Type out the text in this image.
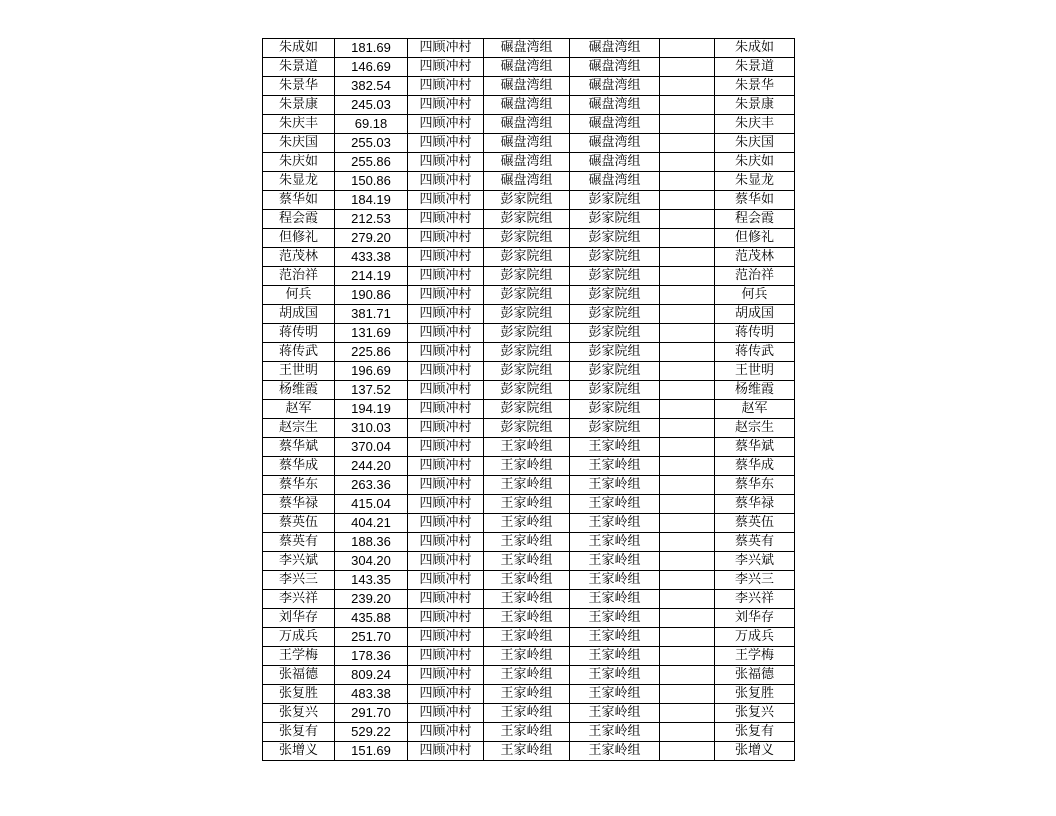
朱成如	181.69	四顾冲村	碾盘湾组	碾盘湾组		朱成如
朱景道	146.69	四顾冲村	碾盘湾组	碾盘湾组		朱景道
朱景华	382.54	四顾冲村	碾盘湾组	碾盘湾组		朱景华
朱景康	245.03	四顾冲村	碾盘湾组	碾盘湾组		朱景康
朱庆丰	69.18	四顾冲村	碾盘湾组	碾盘湾组		朱庆丰
朱庆国	255.03	四顾冲村	碾盘湾组	碾盘湾组		朱庆国
朱庆如	255.86	四顾冲村	碾盘湾组	碾盘湾组		朱庆如
朱显龙	150.86	四顾冲村	碾盘湾组	碾盘湾组		朱显龙
蔡华如	184.19	四顾冲村	彭家院组	彭家院组		蔡华如
程会霞	212.53	四顾冲村	彭家院组	彭家院组		程会霞
但修礼	279.20	四顾冲村	彭家院组	彭家院组		但修礼
范茂林	433.38	四顾冲村	彭家院组	彭家院组		范茂林
范治祥	214.19	四顾冲村	彭家院组	彭家院组		范治祥
何兵	190.86	四顾冲村	彭家院组	彭家院组		何兵
胡成国	381.71	四顾冲村	彭家院组	彭家院组		胡成国
蒋传明	131.69	四顾冲村	彭家院组	彭家院组		蒋传明
蒋传武	225.86	四顾冲村	彭家院组	彭家院组		蒋传武
王世明	196.69	四顾冲村	彭家院组	彭家院组		王世明
杨维霞	137.52	四顾冲村	彭家院组	彭家院组		杨维霞
赵军	194.19	四顾冲村	彭家院组	彭家院组		赵军
赵宗生	310.03	四顾冲村	彭家院组	彭家院组		赵宗生
蔡华斌	370.04	四顾冲村	王家岭组	王家岭组		蔡华斌
蔡华成	244.20	四顾冲村	王家岭组	王家岭组		蔡华成
蔡华东	263.36	四顾冲村	王家岭组	王家岭组		蔡华东
蔡华禄	415.04	四顾冲村	王家岭组	王家岭组		蔡华禄
蔡英伍	404.21	四顾冲村	王家岭组	王家岭组		蔡英伍
蔡英有	188.36	四顾冲村	王家岭组	王家岭组		蔡英有
李兴斌	304.20	四顾冲村	王家岭组	王家岭组		李兴斌
李兴三	143.35	四顾冲村	王家岭组	王家岭组		李兴三
李兴祥	239.20	四顾冲村	王家岭组	王家岭组		李兴祥
刘华存	435.88	四顾冲村	王家岭组	王家岭组		刘华存
万成兵	251.70	四顾冲村	王家岭组	王家岭组		万成兵
王学梅	178.36	四顾冲村	王家岭组	王家岭组		王学梅
张福德	809.24	四顾冲村	王家岭组	王家岭组		张福德
张复胜	483.38	四顾冲村	王家岭组	王家岭组		张复胜
张复兴	291.70	四顾冲村	王家岭组	王家岭组		张复兴
张复有	529.22	四顾冲村	王家岭组	王家岭组		张复有
张增义	151.69	四顾冲村	王家岭组	王家岭组		张增义
